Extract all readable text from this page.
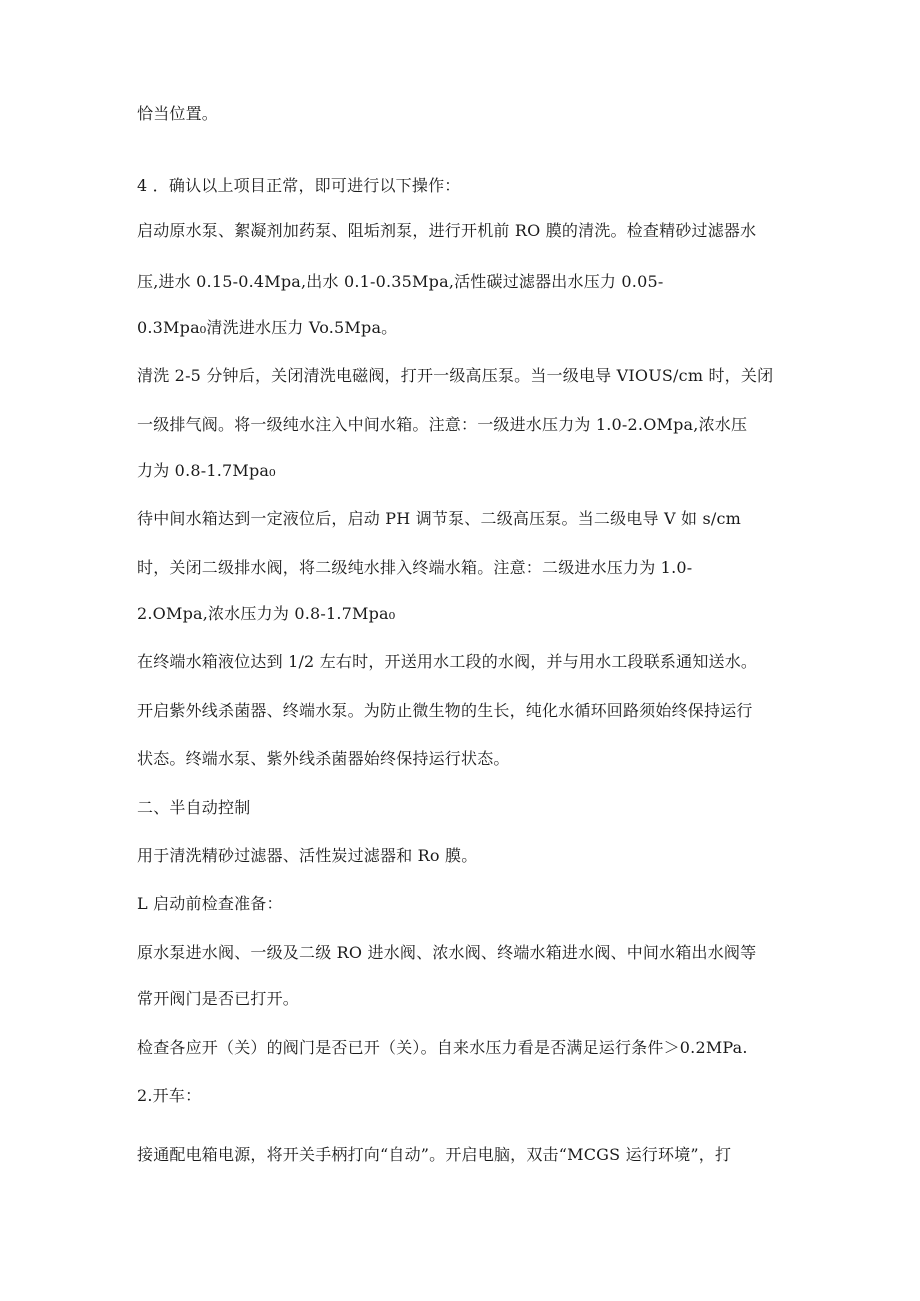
恰当位置。
4 ．确认以上项目正常，即可进行以下操作：
启动原水泵、絮凝剂加药泵、阻垢剂泵，进行开机前 RO 膜的清洗。检查精砂过滤器水
压,进水 0.15-0.4Mpa,出水 0.1-0.35Mpa,活性碳过滤器出水压力 0.05-
0.3Mpa₀清洗进水压力 Vo.5Mpa。
清洗 2-5 分钟后，关闭清洗电磁阀，打开一级高压泵。当一级电导 VIOUS/cm 时，关闭
一级排气阀。将一级纯水注入中间水箱。注意：一级进水压力为 1.0-2.OMpa,浓水压
力为 0.8-1.7Mpa₀
待中间水箱达到一定液位后，启动 PH 调节泵、二级高压泵。当二级电导 V 如 s/cm
时，关闭二级排水阀，将二级纯水排入终端水箱。注意：二级进水压力为 1.0-
2.OMpa,浓水压力为 0.8-1.7Mpa₀
在终端水箱液位达到 1/2 左右时，开送用水工段的水阀，并与用水工段联系通知送水。
开启紫外线杀菌器、终端水泵。为防止微生物的生长，纯化水循环回路须始终保持运行
状态。终端水泵、紫外线杀菌器始终保持运行状态。
二、半自动控制
用于清洗精砂过滤器、活性炭过滤器和 Ro 膜。
L 启动前检查准备：
原水泵进水阀、一级及二级 RO 进水阀、浓水阀、终端水箱进水阀、中间水箱出水阀等
常开阀门是否已打开。
检查各应开（关）的阀门是否已开（关）。自来水压力看是否满足运行条件＞0.2MPa.
2.开车：
接通配电箱电源，将开关手柄打向“自动”。开启电脑，双击“MCGS 运行环境”，打
